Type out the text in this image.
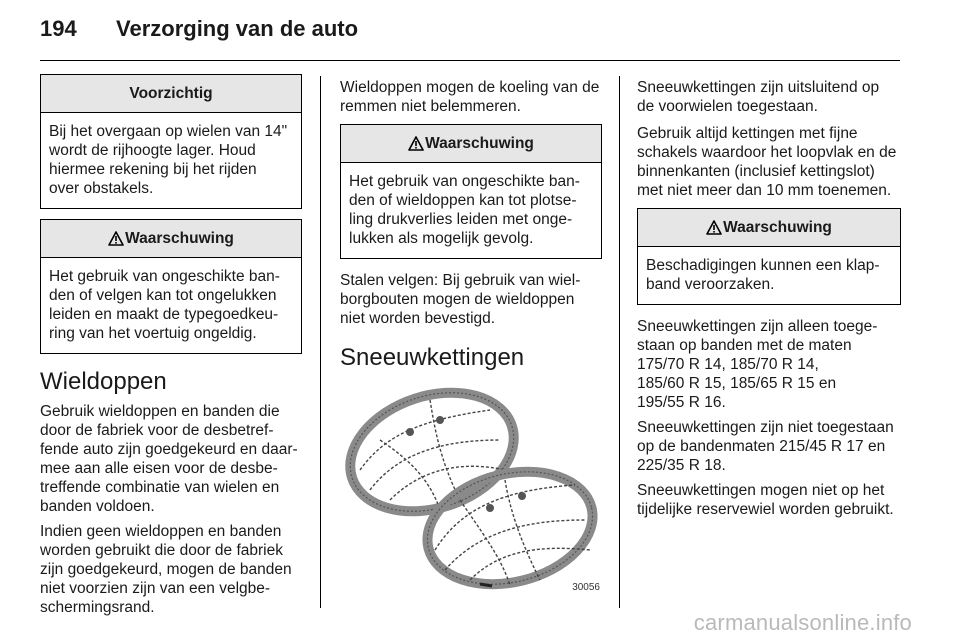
194 Verzorging van de auto
Voorzichtig
Bij het overgaan op wielen van 14"
wordt de rijhoogte lager. Houd
hiermee rekening bij het rijden
over obstakels.
Waarschuwing
Het gebruik van ongeschikte ban-
den of velgen kan tot ongelukken
leiden en maakt de typegoedkeu-
ring van het voertuig ongeldig.
Wieldoppen

Gebruik wieldoppen en banden die
door de fabriek voor de desbetref-
fende auto zijn goedgekeurd en daar-
mee aan alle eisen voor de desbe-
treffende combinatie van wielen en
banden voldoen.

Indien geen wieldoppen en banden
worden gebruikt die door de fabriek
zijn goedgekeurd, mogen de banden
niet voorzien zijn van een velgbe-
schermingsrand.

Wieldoppen mogen de koeling van de
remmen niet belemmeren.

Waarschuwing
Het gebruik van ongeschikte ban-
den of wieldoppen kan tot plotse-
ling drukverlies leiden met onge-
lukken als mogelijk gevolg.

Stalen velgen: Bij gebruik van wiel-
borgbouten mogen de wieldoppen
niet worden bevestigd.

Sneeuwkettingen
30056

Sneeuwkettingen zijn uitsluitend op
de voorwielen toegestaan.

Gebruik altijd kettingen met fijne
schakels waardoor het loopvlak en de
binnenkanten (inclusief kettingslot)
met niet meer dan 10 mm toenemen.

Waarschuwing
Beschadigingen kunnen een klap-
band veroorzaken.

Sneeuwkettingen zijn alleen toege-
staan op banden met de maten
175/70 R 14, 185/70 R 14,
185/60 R 15, 185/65 R 15 en
195/55 R 16.

Sneeuwkettingen zijn niet toegestaan
op de bandenmaten 215/45 R 17 en
225/35 R 18.

Sneeuwkettingen mogen niet op het
tijdelijke reservewiel worden gebruikt.

carmanualsonline.info
